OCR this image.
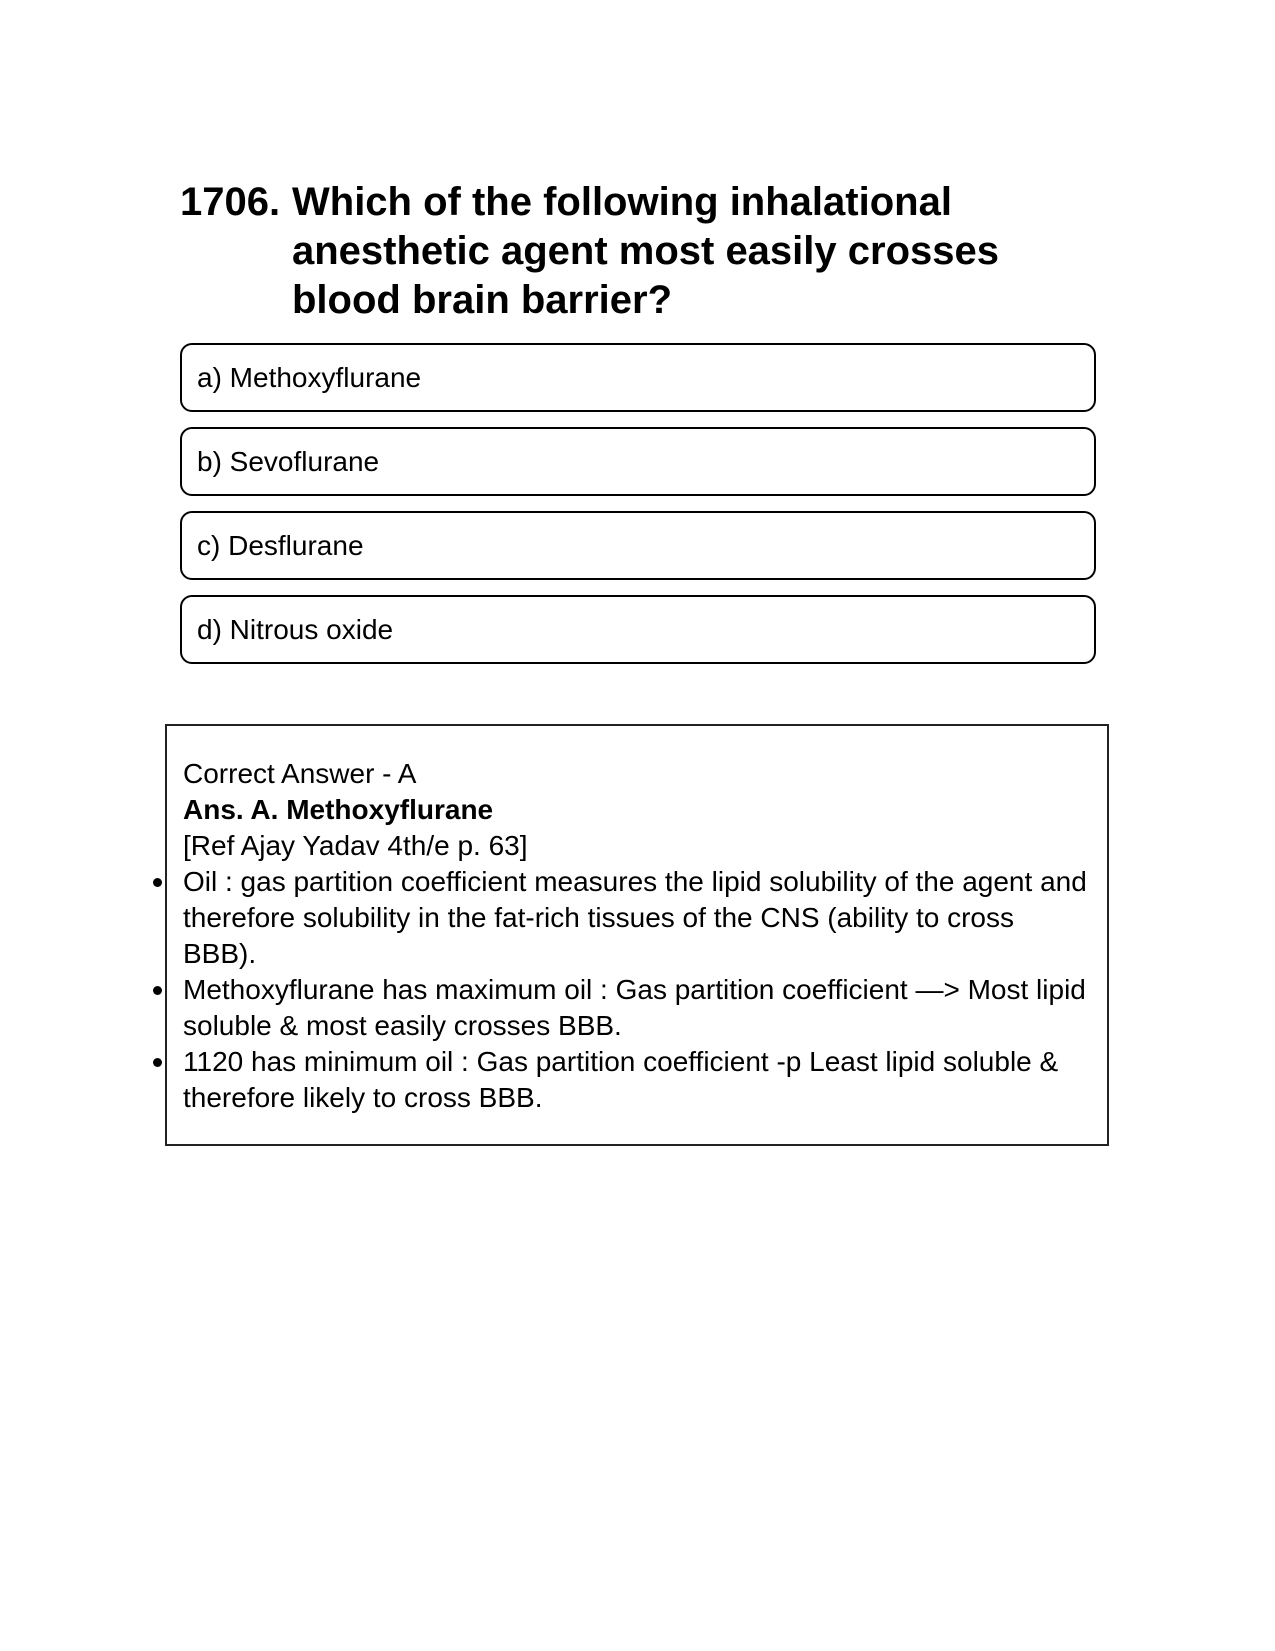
1706. Which of the following inhalational anesthetic agent most easily crosses blood brain barrier?
a) Methoxyflurane
b) Sevoflurane
c) Desflurane
d) Nitrous oxide

Correct Answer - A

Ans. A. Methoxyflurane

[Ref Ajay Yadav 4th/e p. 63]

Oil : gas partition coefficient measures the lipid solubility of the agent and therefore solubility in the fat-rich tissues of the CNS (ability to cross BBB).
Methoxyflurane has maximum oil : Gas partition coefficient —> Most lipid soluble & most easily crosses BBB.
1120 has minimum oil : Gas partition coefficient -p Least lipid soluble & therefore likely to cross BBB.
